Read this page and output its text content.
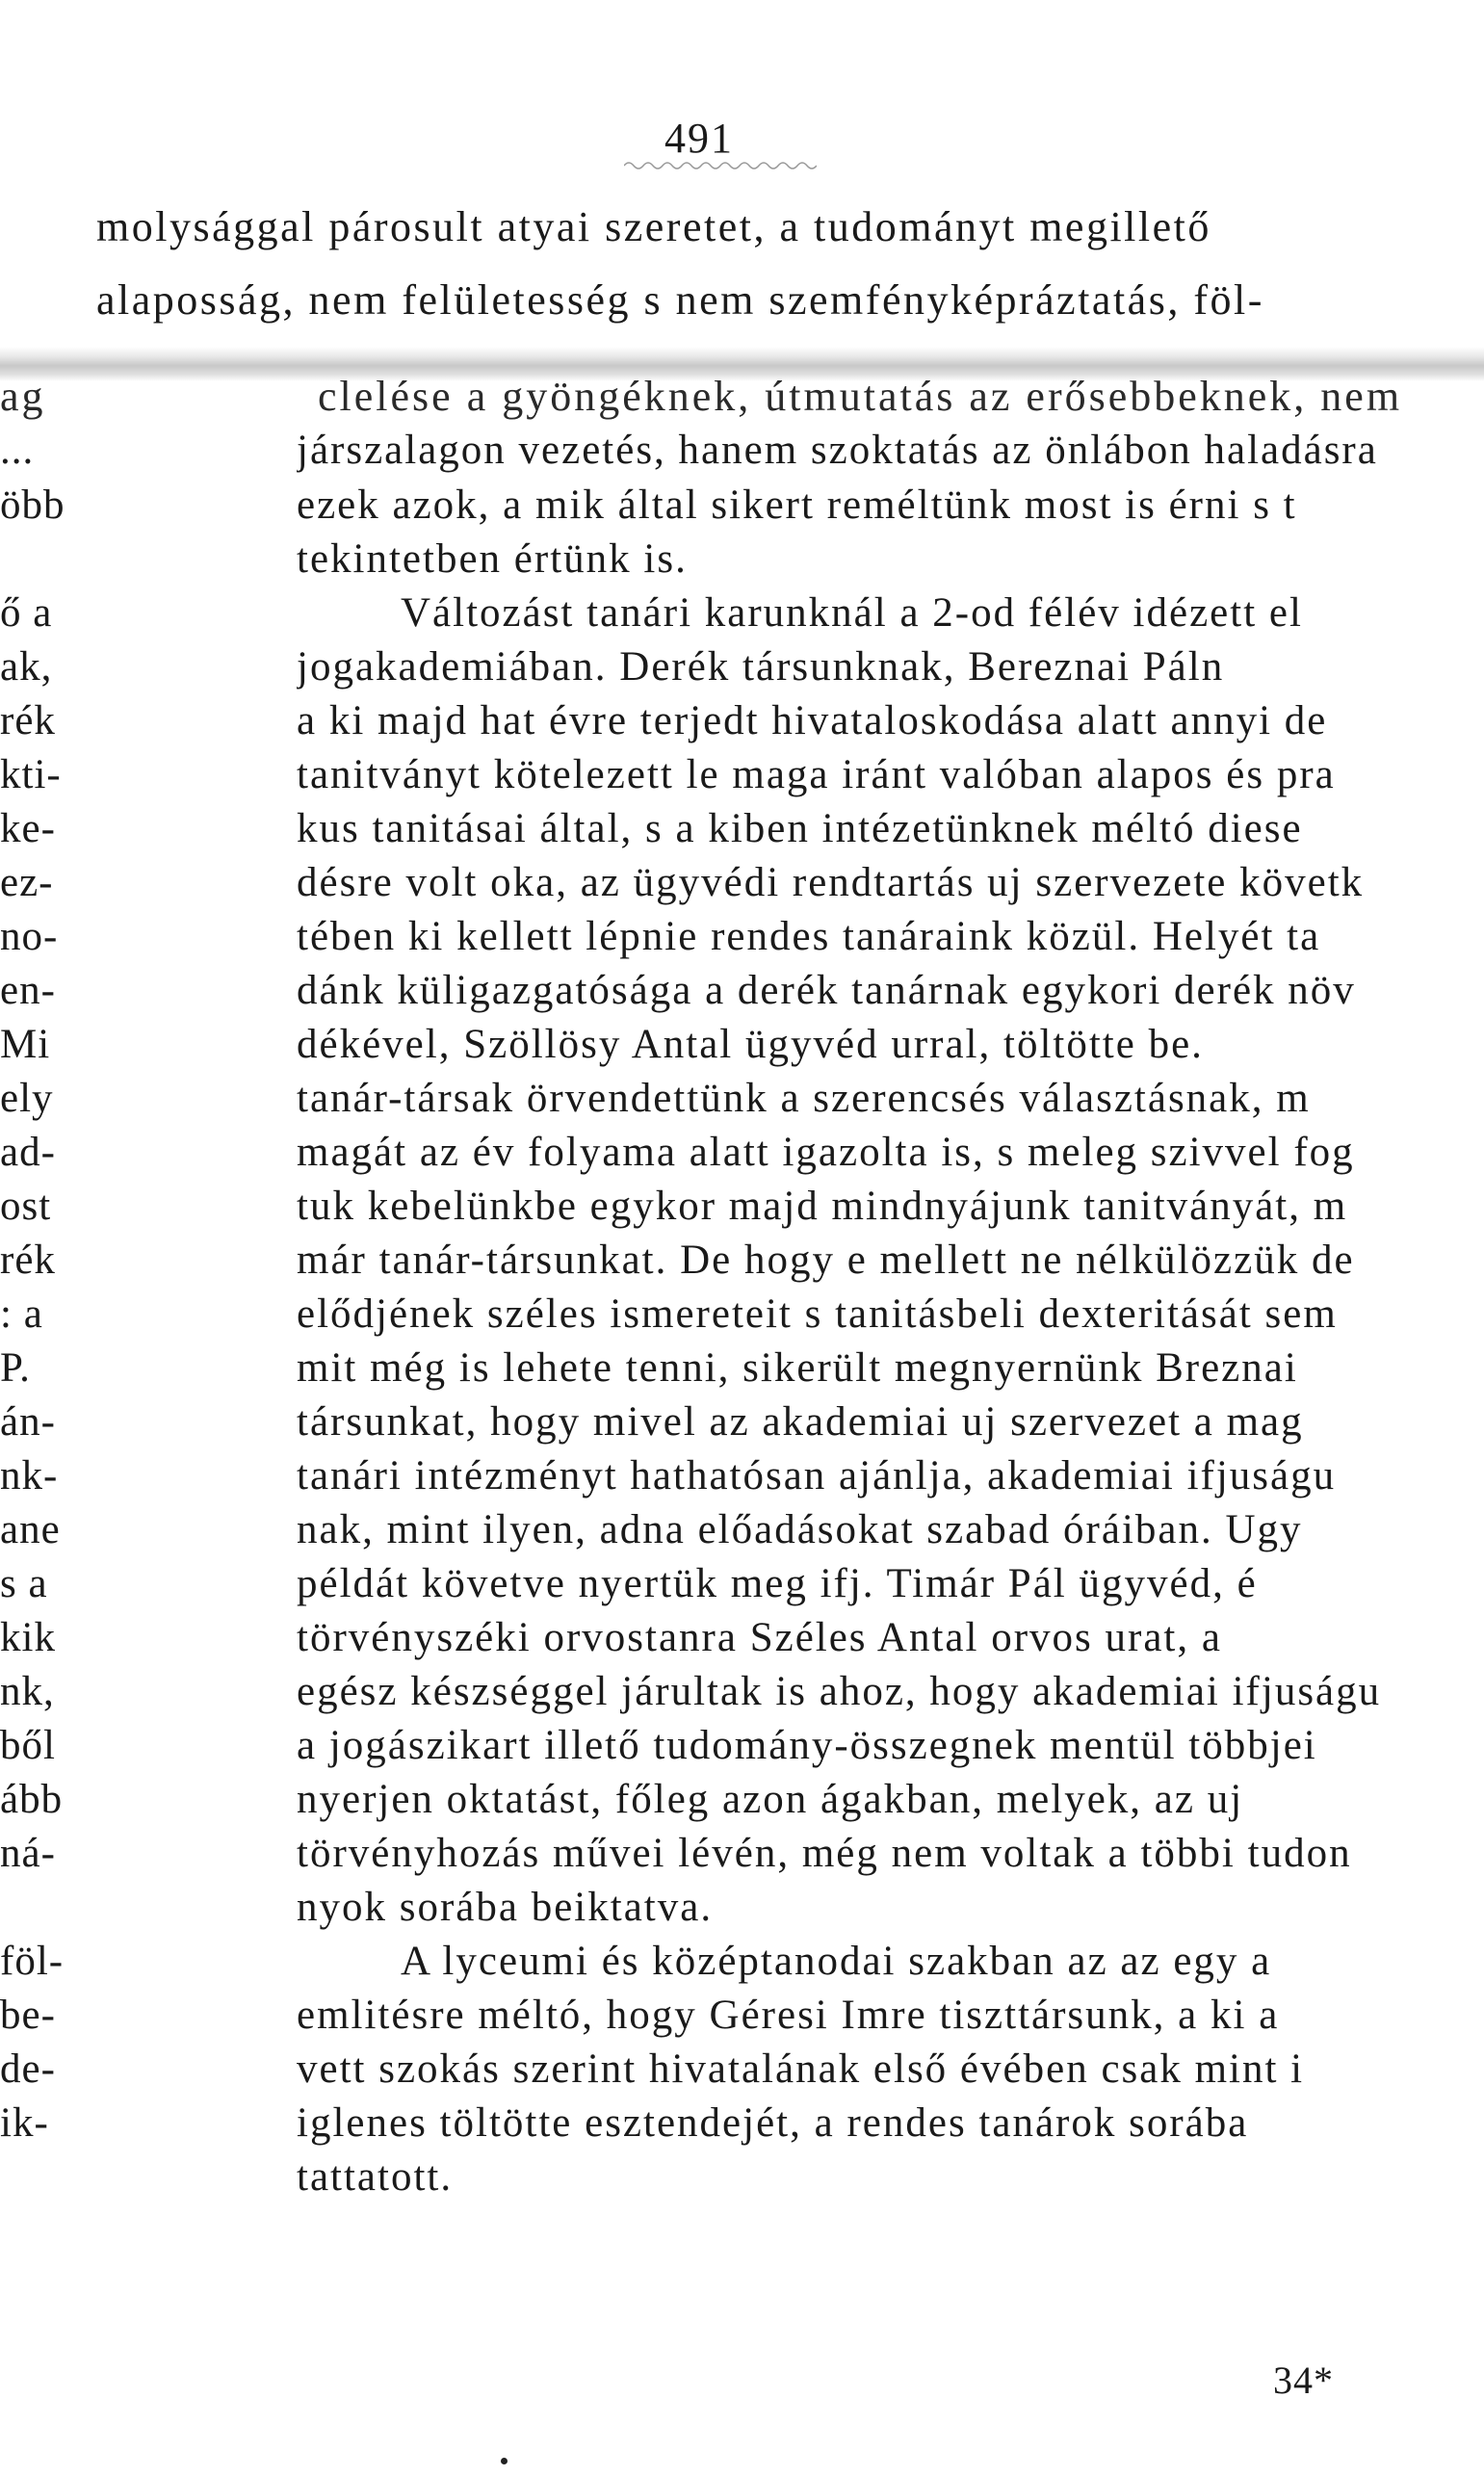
491
molysággal párosult atyai szeretet, a tudományt megillető
alaposság, nem felületesség s nem szemfényképráztatás, föl-
ag	clelése a gyöngéknek, útmutatás az erősebbeknek, nem
...
öbb
ő a
ak,
rék
kti-
ke-
ez-
no-
en-
Mi
ely
ad-
ost
rék
: a
P.
án-
nk-
ane
s a
kik
nk,
ből
ább
ná-
föl-
be-
de-
ik-
járszalagon vezetés, hanem szoktatás az önlábon haladásra
ezek azok, a mik által sikert reméltünk most is érni s t
tekintetben értünk is.
Változást tanári karunknál a 2-od félév idézett el
jogakademiában. Derék társunknak, Bereznai Páln
a ki majd hat évre terjedt hivataloskodása alatt annyi de
tanitványt kötelezett le maga iránt valóban alapos és pra
kus tanitásai által, s a kiben intézetünknek méltó diese
désre volt oka, az ügyvédi rendtartás uj szervezete követk
tében ki kellett lépnie rendes tanáraink közül. Helyét ta
dánk küligazgatósága a derék tanárnak egykori derék növ
dékével, Szöllösy Antal ügyvéd urral, töltötte be.
tanár-társak örvendettünk a szerencsés választásnak, m
magát az év folyama alatt igazolta is, s meleg szivvel fog
tuk kebelünkbe egykor majd mindnyájunk tanitványát, m
már tanár-társunkat. De hogy e mellett ne nélkülözzük de
elődjének széles ismereteit s tanitásbeli dexteritását sem
mit még is lehete tenni, sikerült megnyernünk Breznai
társunkat, hogy mivel az akademiai uj szervezet a mag
tanári intézményt hathatósan ajánlja, akademiai ifjuságu
nak, mint ilyen, adna előadásokat szabad óráiban. Ugy
példát követve nyertük meg ifj. Timár Pál ügyvéd, é
törvényszéki orvostanra Széles Antal orvos urat, a
egész készséggel járultak is ahoz, hogy akademiai ifjuságu
a jogászikart illető tudomány-összegnek mentül többjei
nyerjen oktatást, főleg azon ágakban, melyek, az uj
törvényhozás művei lévén, még nem voltak a többi tudon
nyok sorába beiktatva.
A lyceumi és középtanodai szakban az az egy a
emlitésre méltó, hogy Géresi Imre tiszttársunk, a ki a
vett szokás szerint hivatalának első évében csak mint i
iglenes töltötte esztendejét, a rendes tanárok sorába
tattatott.
34*
